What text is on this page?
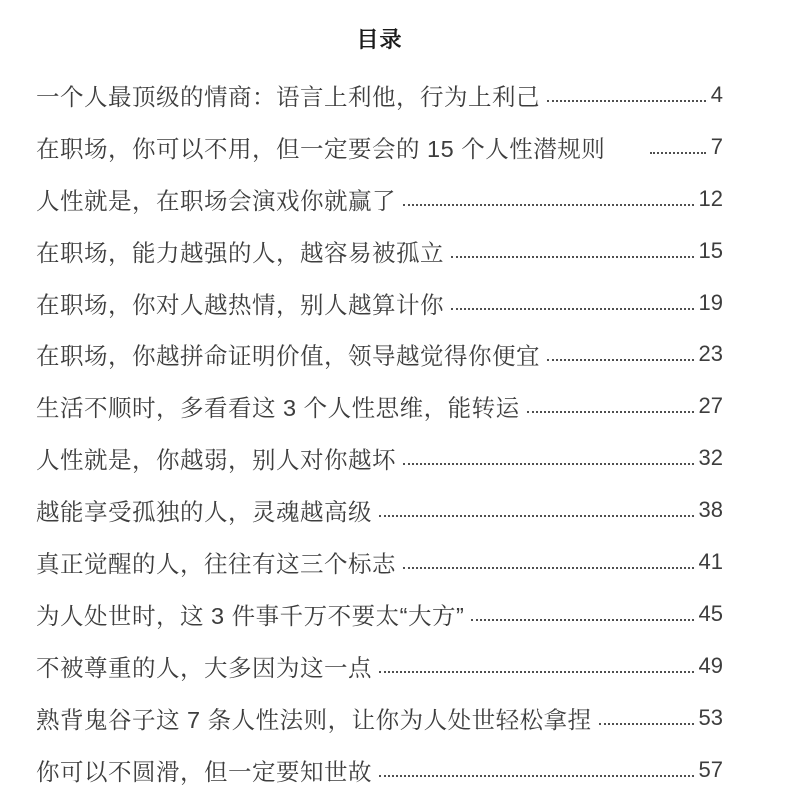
目录
一个人最顶级的情商：语言上利他，行为上利己	4
在职场，你可以不用，但一定要会的 15 个人性潜规则	7
人性就是，在职场会演戏你就赢了	12
在职场，能力越强的人，越容易被孤立	15
在职场，你对人越热情，别人越算计你	19
在职场，你越拼命证明价值，领导越觉得你便宜	23
生活不顺时，多看看这 3 个人性思维，能转运	27
人性就是，你越弱，别人对你越坏	32
越能享受孤独的人，灵魂越高级	38
真正觉醒的人，往往有这三个标志	41
为人处世时，这 3 件事千万不要太“大方”	45
不被尊重的人，大多因为这一点	49
熟背鬼谷子这 7 条人性法则，让你为人处世轻松拿捏	53
你可以不圆滑，但一定要知世故	57
